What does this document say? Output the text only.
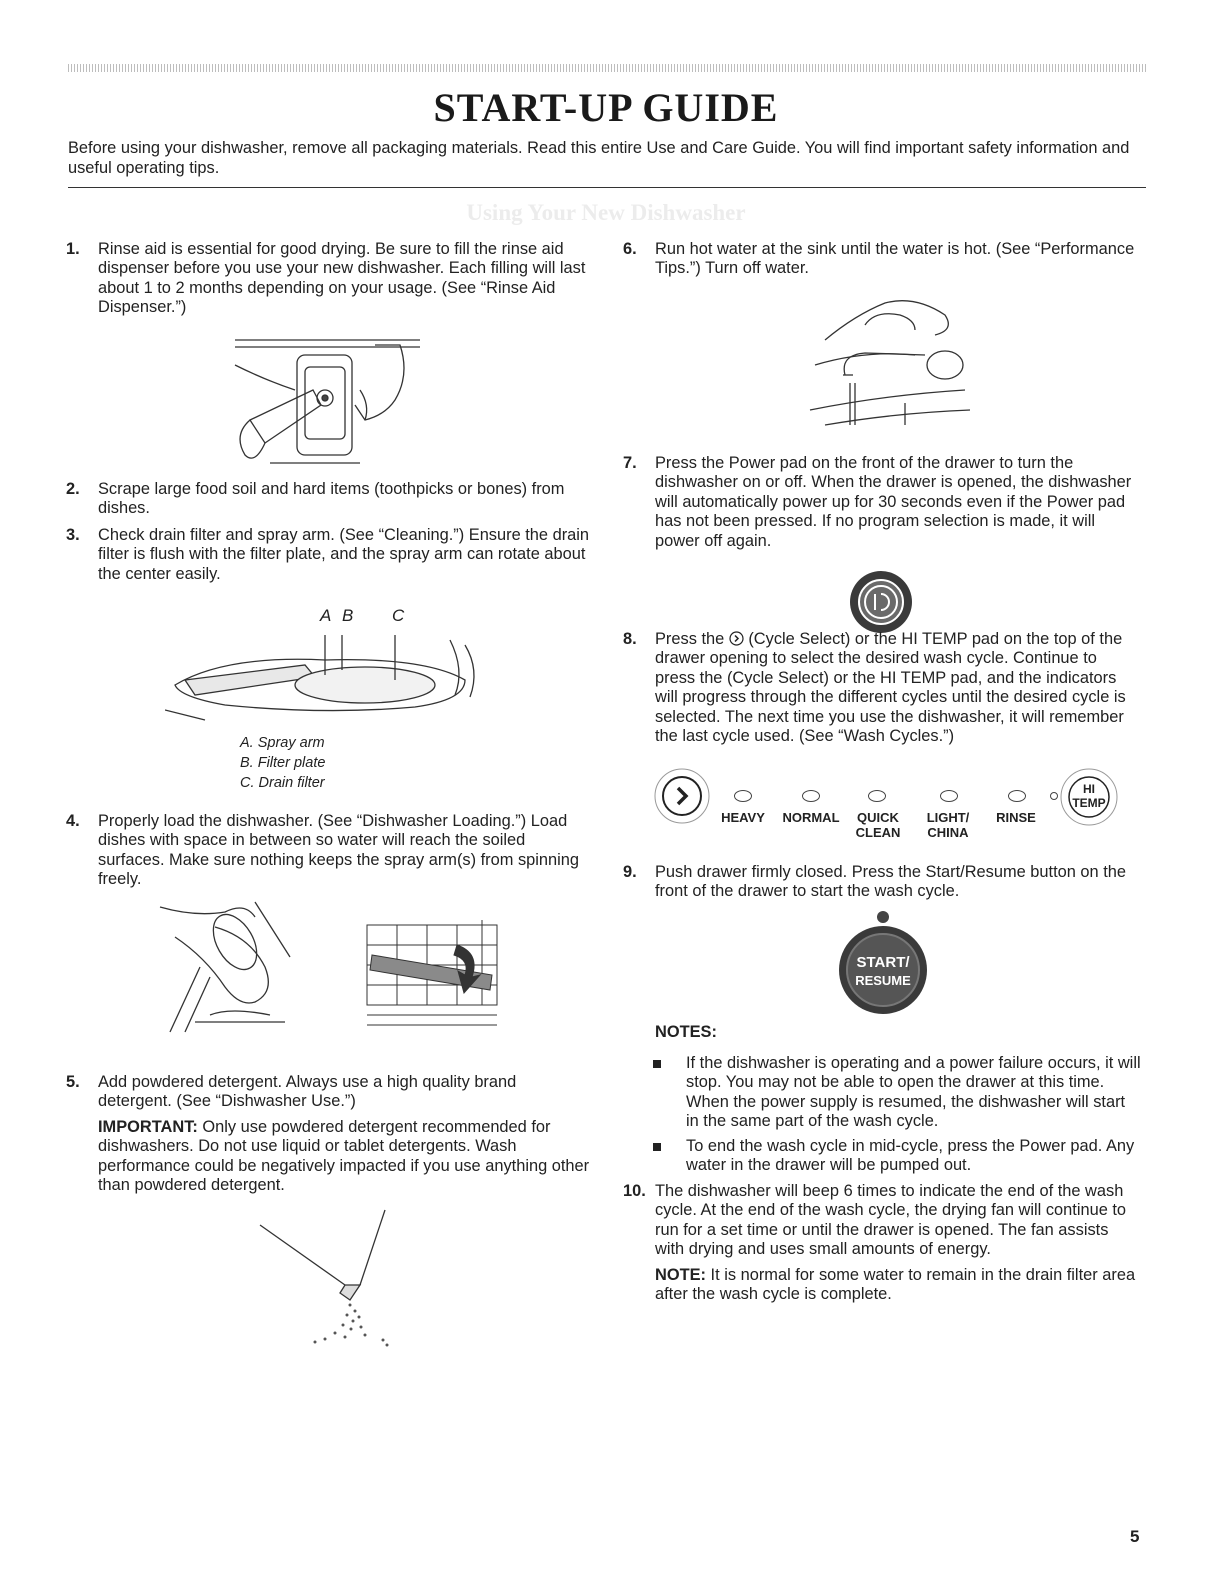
START-UP GUIDE

Before using your dishwasher, remove all packaging materials. Read this entire Use and Care Guide. You will find important safety information and useful operating tips.

Using Your New Dishwasher
1. Rinse aid is essential for good drying. Be sure to fill the rinse aid dispenser before you use your new dishwasher. Each filling will last about 1 to 2 months depending on your usage. (See “Rinse Aid Dispenser.”)

2. Scrape large food soil and hard items (toothpicks or bones) from dishes.

3. Check drain filter and spray arm. (See “Cleaning.”) Ensure the drain filter is flush with the filter plate, and the spray arm can rotate about the center easily.

A B C
A. Spray arm
B. Filter plate
C. Drain filter
4. Properly load the dishwasher. (See “Dishwasher Loading.”) Load dishes with space in between so water will reach the soiled surfaces. Make sure nothing keeps the spray arm(s) from spinning freely.

5. Add powdered detergent. Always use a high quality brand detergent. (See “Dishwasher Use.”)

IMPORTANT: Only use powdered detergent recommended for dishwashers. Do not use liquid or tablet detergents. Wash performance could be negatively impacted if you use anything other than powdered detergent.

6. Run hot water at the sink until the water is hot. (See “Performance Tips.”) Turn off water.

7. Press the Power pad on the front of the drawer to turn the dishwasher on or off. When the drawer is opened, the dishwasher will automatically power up for 30 seconds even if the Power pad has not been pressed. If no program selection is made, it will power off again.

8. Press the  (Cycle Select) or the HI TEMP pad on the top of the drawer opening to select the desired wash cycle. Continue to press the (Cycle Select) or the HI TEMP pad, and the indicators will progress through the different cycles until the desired cycle is selected. The next time you use the dishwasher, it will remember the last cycle used. (See “Wash Cycles.”)

HEAVY	NORMAL	QUICK
CLEAN
LIGHT/
CHINA
RINSE
HI
TEMP
9. Push drawer firmly closed. Press the Start/Resume button on the front of the drawer to start the wash cycle.

START/
RESUME
NOTES:
If the dishwasher is operating and a power failure occurs, it will stop. You may not be able to open the drawer at this time. When the power supply is resumed, the dishwasher will start in the same part of the wash cycle.
To end the wash cycle in mid-cycle, press the Power pad. Any water in the drawer will be pumped out.
10. The dishwasher will beep 6 times to indicate the end of the wash cycle. At the end of the wash cycle, the drying fan will continue to run for a set time or until the drawer is opened. The fan assists with drying and uses small amounts of energy.

NOTE: It is normal for some water to remain in the drain filter area after the wash cycle is complete.

5
